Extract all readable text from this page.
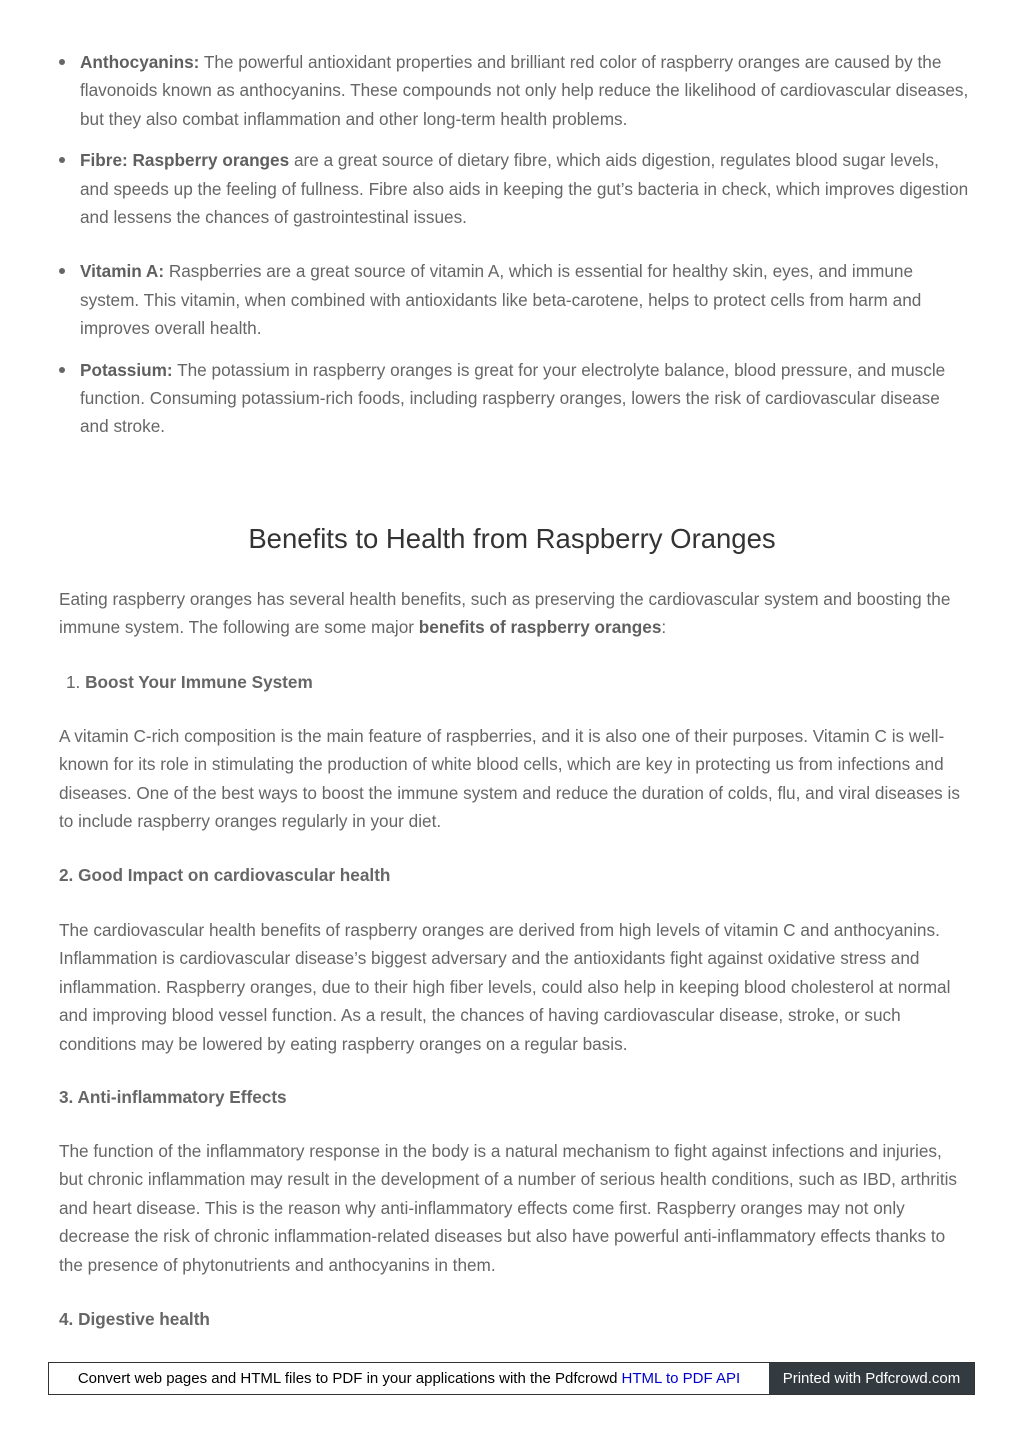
Anthocyanins: The powerful antioxidant properties and brilliant red color of raspberry oranges are caused by the flavonoids known as anthocyanins. These compounds not only help reduce the likelihood of cardiovascular diseases, but they also combat inflammation and other long-term health problems.

Fibre: Raspberry oranges are a great source of dietary fibre, which aids digestion, regulates blood sugar levels, and speeds up the feeling of fullness. Fibre also aids in keeping the gut’s bacteria in check, which improves digestion and lessens the chances of gastrointestinal issues.

Vitamin A: Raspberries are a great source of vitamin A, which is essential for healthy skin, eyes, and immune system. This vitamin, when combined with antioxidants like beta-carotene, helps to protect cells from harm and improves overall health.

Potassium: The potassium in raspberry oranges is great for your electrolyte balance, blood pressure, and muscle function. Consuming potassium-rich foods, including raspberry oranges, lowers the risk of cardiovascular disease and stroke.

Benefits to Health from Raspberry Oranges

Eating raspberry oranges has several health benefits, such as preserving the cardiovascular system and boosting the immune system. The following are some major benefits of raspberry oranges:

1. Boost Your Immune System

A vitamin C-rich composition is the main feature of raspberries, and it is also one of their purposes. Vitamin C is well-known for its role in stimulating the production of white blood cells, which are key in protecting us from infections and diseases. One of the best ways to boost the immune system and reduce the duration of colds, flu, and viral diseases is to include raspberry oranges regularly in your diet.

2. Good Impact on cardiovascular health

The cardiovascular health benefits of raspberry oranges are derived from high levels of vitamin C and anthocyanins. Inflammation is cardiovascular disease’s biggest adversary and the antioxidants fight against oxidative stress and inflammation. Raspberry oranges, due to their high fiber levels, could also help in keeping blood cholesterol at normal and improving blood vessel function. As a result, the chances of having cardiovascular disease, stroke, or such conditions may be lowered by eating raspberry oranges on a regular basis.

3. Anti-inflammatory Effects

The function of the inflammatory response in the body is a natural mechanism to fight against infections and injuries, but chronic inflammation may result in the development of a number of serious health conditions, such as IBD, arthritis and heart disease. This is the reason why anti-inflammatory effects come first. Raspberry oranges may not only decrease the risk of chronic inflammation-related diseases but also have powerful anti-inflammatory effects thanks to the presence of phytonutrients and anthocyanins in them.

4. Digestive health

Convert web pages and HTML files to PDF in your applications with the Pdfcrowd HTML to PDF API	Printed with Pdfcrowd.com
